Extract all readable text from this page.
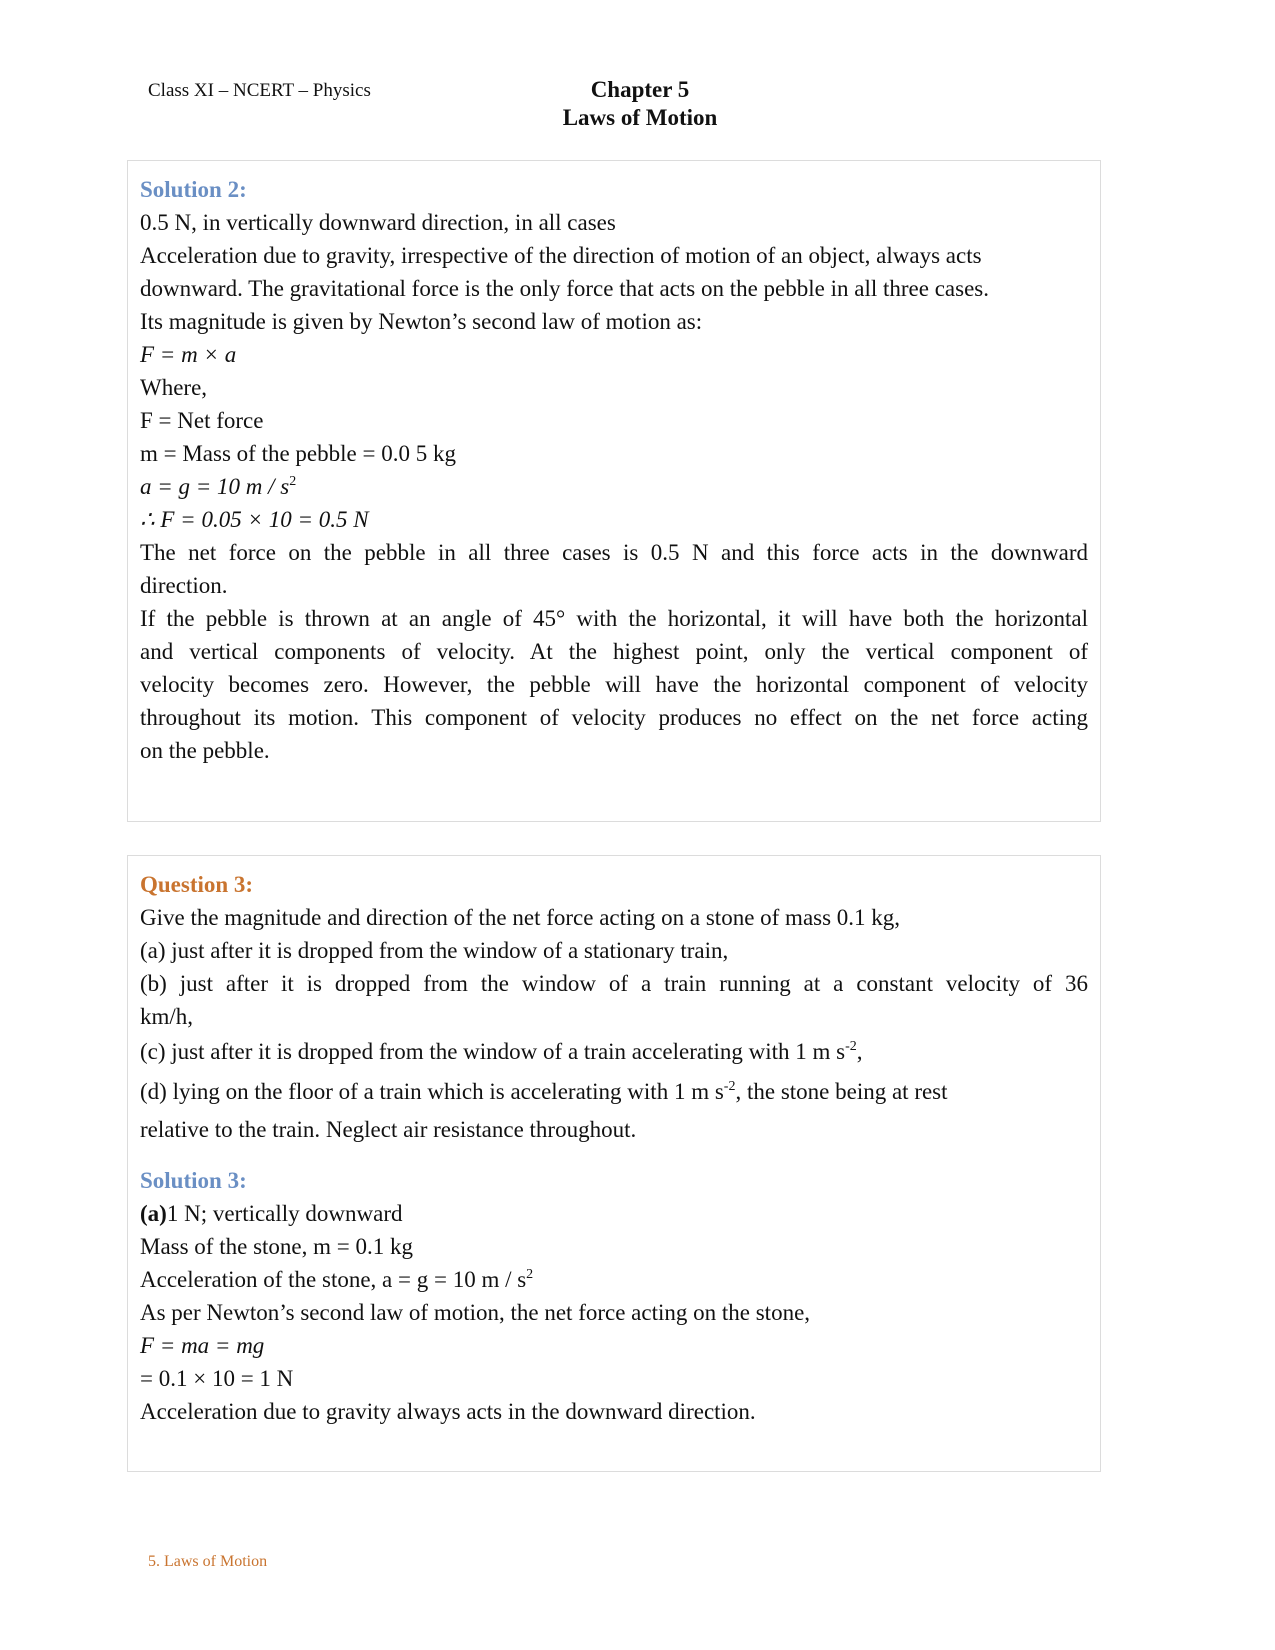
Class XI – NCERT – Physics	Chapter 5
Laws of Motion
Solution 2:
0.5 N, in vertically downward direction, in all cases
Acceleration due to gravity, irrespective of the direction of motion of an object, always acts
downward. The gravitational force is the only force that acts on the pebble in all three cases.
Its magnitude is given by Newton’s second law of motion as:
F = m × a
Where,
F = Net force
m = Mass of the pebble = 0.0 5 kg
a = g = 10 m / $s^2$
∴ F = 0.05 × 10 = 0.5 N
The net force on the pebble in all three cases is 0.5 N and this force acts in the downward
direction.
If the pebble is thrown at an angle of 45° with the horizontal, it will have both the horizontal
and vertical components of velocity. At the highest point, only the vertical component of
velocity becomes zero. However, the pebble will have the horizontal component of velocity
throughout its motion. This component of velocity produces no effect on the net force acting
on the pebble.
Question 3:
Give the magnitude and direction of the net force acting on a stone of mass 0.1 kg,
(a) just after it is dropped from the window of a stationary train,
(b) just after it is dropped from the window of a train running at a constant velocity of 36
km/h,
(c) just after it is dropped from the window of a train accelerating with 1 m $s^{-2}$,
(d) lying on the floor of a train which is accelerating with 1 m $s^{-2}$, the stone being at rest
relative to the train. Neglect air resistance throughout.
Solution 3:
(a)1 N; vertically downward
Mass of the stone, m = 0.1 kg
Acceleration of the stone, a = g = 10 m / $s^2$
As per Newton’s second law of motion, the net force acting on the stone,
F = ma = mg
= 0.1 × 10 = 1 N
Acceleration due to gravity always acts in the downward direction.
5. Laws of Motion
